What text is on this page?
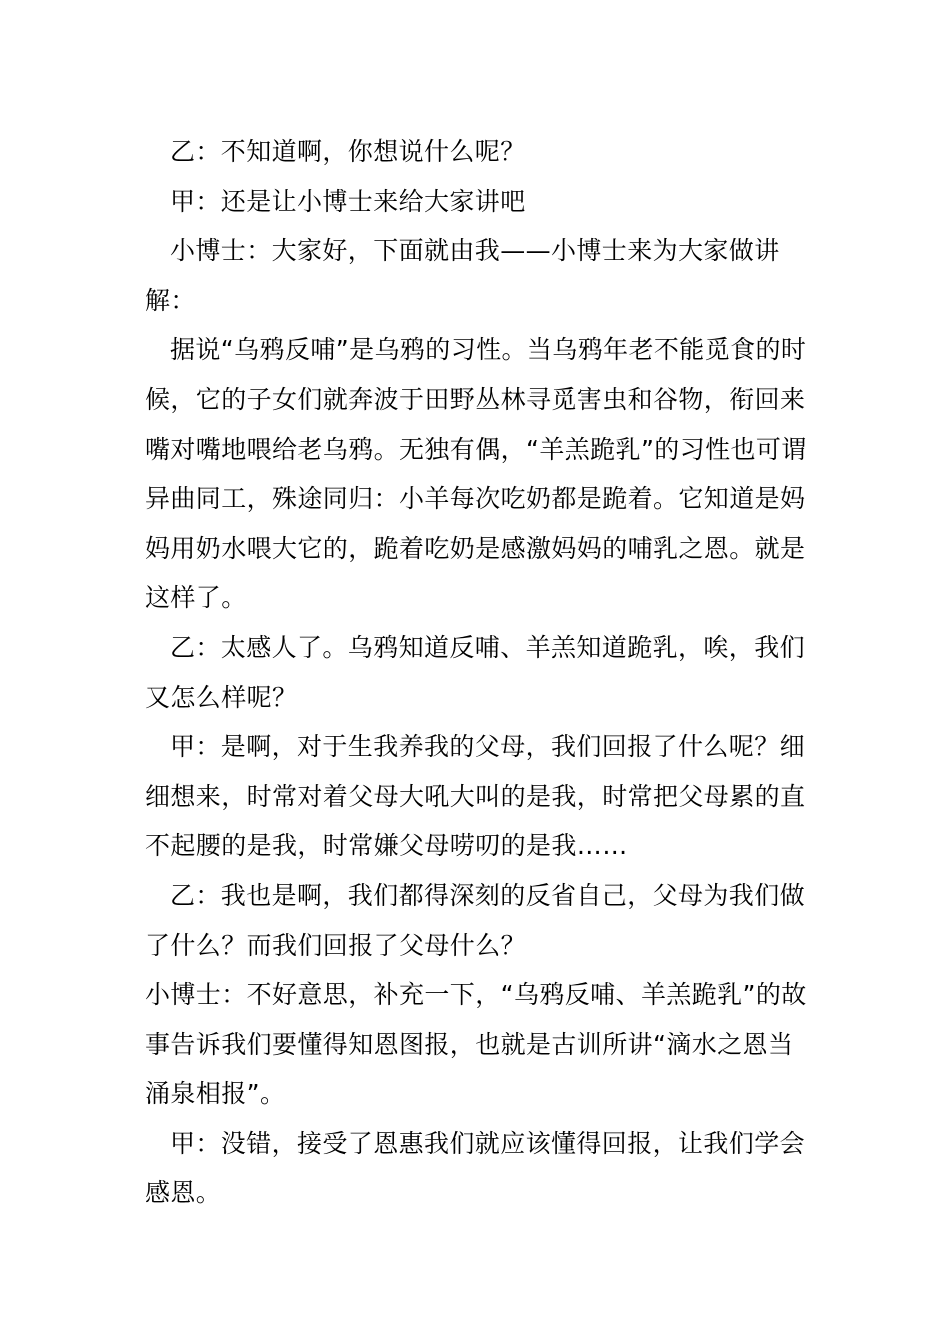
乙：不知道啊，你想说什么呢？

甲：还是让小博士来给大家讲吧

小博士：大家好，下面就由我——小博士来为大家做讲解：

据说“乌鸦反哺”是乌鸦的习性。当乌鸦年老不能觅食的时候，它的子女们就奔波于田野丛林寻觅害虫和谷物，衔回来嘴对嘴地喂给老乌鸦。无独有偶，“羊羔跪乳”的习性也可谓异曲同工，殊途同归：小羊每次吃奶都是跪着。它知道是妈妈用奶水喂大它的，跪着吃奶是感激妈妈的哺乳之恩。就是这样了。

乙：太感人了。乌鸦知道反哺、羊羔知道跪乳，唉，我们又怎么样呢？

甲：是啊，对于生我养我的父母，我们回报了什么呢？细细想来，时常对着父母大吼大叫的是我，时常把父母累的直不起腰的是我，时常嫌父母唠叨的是我……

乙：我也是啊，我们都得深刻的反省自己，父母为我们做了什么？而我们回报了父母什么？

小博士：不好意思，补充一下，“乌鸦反哺、羊羔跪乳”的故事告诉我们要懂得知恩图报，也就是古训所讲“滴水之恩当涌泉相报”。

甲：没错，接受了恩惠我们就应该懂得回报，让我们学会感恩。
